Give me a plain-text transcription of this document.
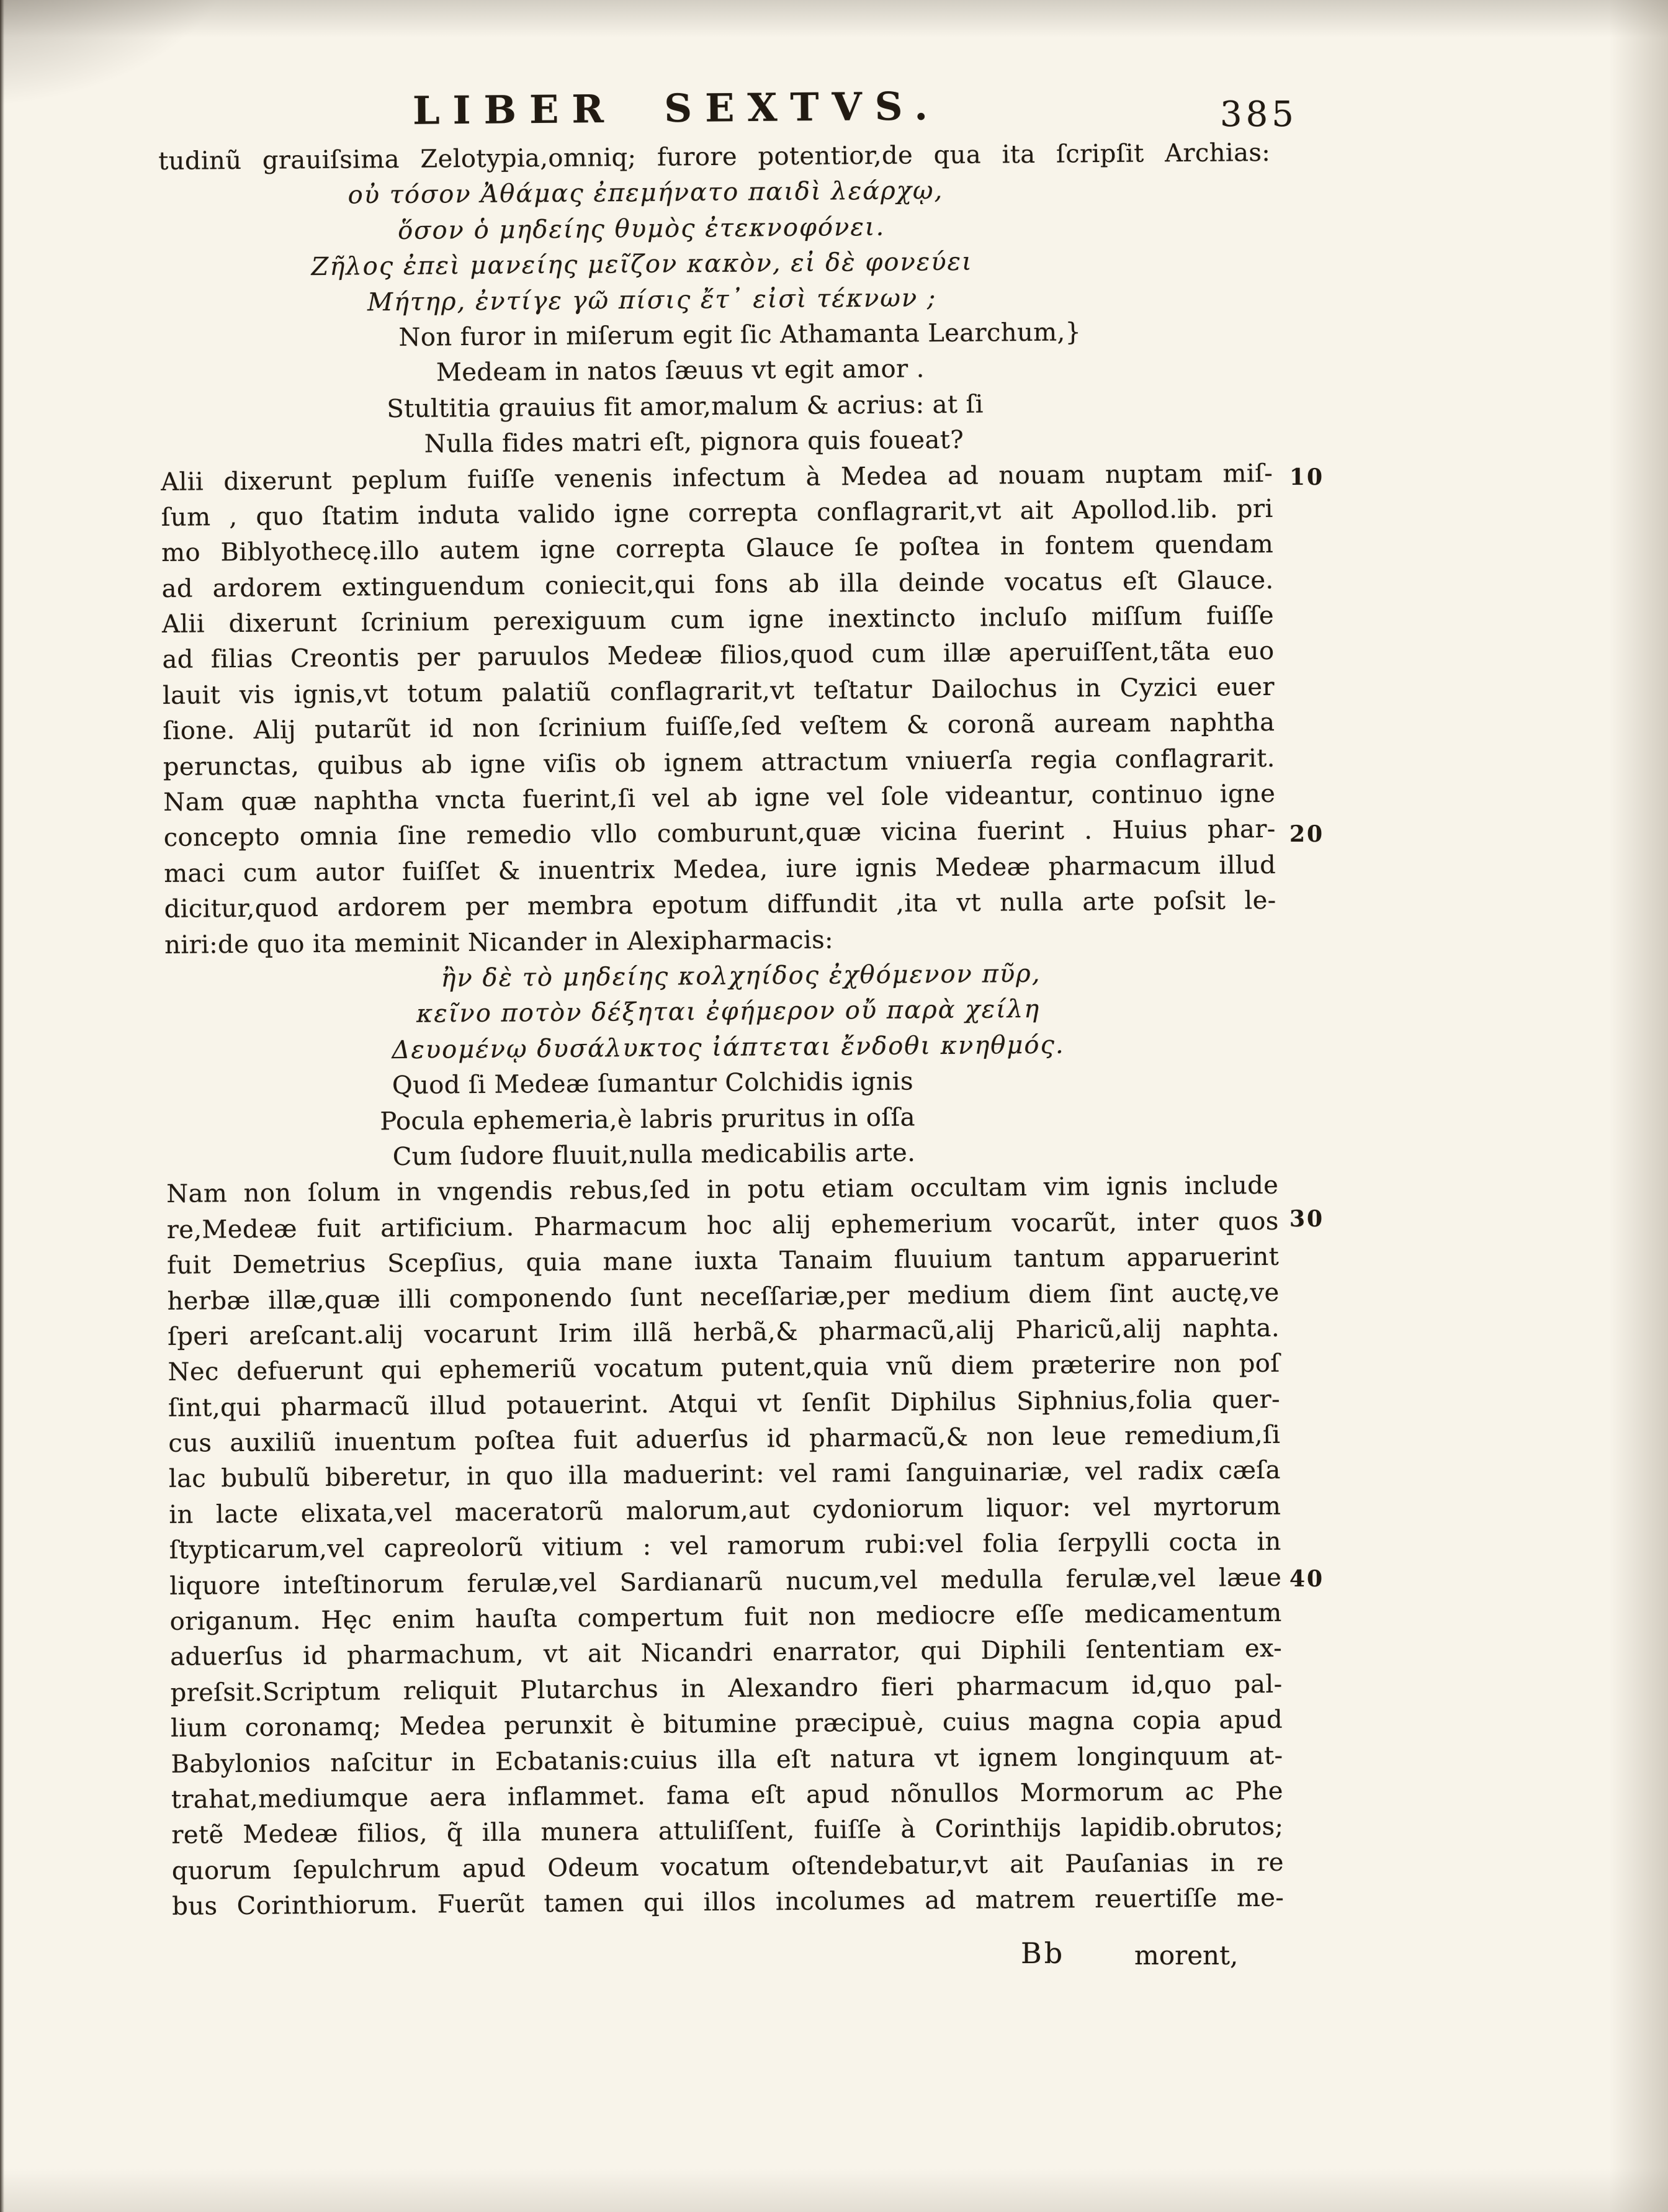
LIBER SEXTVS.	385
tudinũ grauiſsima Zelotypia,omniq; furore potentior,de qua ita ſcripſit Archias:
οὐ τόσον Ἀθάμας ἐπεμήνατο παιδὶ λεάρχῳ,
ὅσον ὁ μηδείης θυμὸς ἐτεκνοφόνει.
Ζῆλος ἐπεὶ μανείης μεῖζον κακὸν, εἰ δὲ φονεύει
Μήτηρ, ἐντίγε γῶ πίσις ἔτ᾽ εἰσὶ τέκνων ;
Non furor in miſerum egit ſic Athamanta Learchum,}
Medeam in natos ſæuus vt egit amor .
Stultitia grauius fit amor,malum & acrius: at ſi
Nulla fides matri eſt, pignora quis foueat?
Alii dixerunt peplum fuiſſe venenis infectum à Medea ad nouam nuptam miſ-
ſum , quo ſtatim induta valido igne correpta conflagrarit,vt ait Apollod.lib. pri
mo Biblyothecę.illo autem igne correpta Glauce ſe poſtea in fontem quendam
ad ardorem extinguendum coniecit,qui fons ab illa deinde vocatus eſt Glauce.
Alii dixerunt ſcrinium perexiguum cum igne inextincto incluſo miſſum fuiſſe
ad filias Creontis per paruulos Medeæ filios,quod cum illæ aperuiſſent,tãta euo
lauit vis ignis,vt totum palatiũ conflagrarit,vt teſtatur Dailochus in Cyzici euer
ſione. Alij putarũt id non ſcrinium fuiſſe,ſed veſtem & coronã auream naphtha
perunctas, quibus ab igne viſis ob ignem attractum vniuerſa regia conflagrarit.
Nam quæ naphtha vncta fuerint,ſi vel ab igne vel ſole videantur, continuo igne
concepto omnia ſine remedio vllo comburunt,quæ vicina fuerint . Huius phar-
maci cum autor fuiſſet & inuentrix Medea, iure ignis Medeæ pharmacum illud
dicitur,quod ardorem per membra epotum diffundit ,ita vt nulla arte poſsit le-
niri:de quo ita meminit Nicander in Alexipharmacis:
ἢν δὲ τὸ μηδείης κολχηίδος ἐχθόμενον πῦρ,
κεῖνο ποτὸν δέξηται ἐφήμερον οὔ παρὰ χείλη
Δευομένῳ δυσάλυκτος ἰάπτεται ἔνδοθι κνηθμός.
Quod ſi Medeæ ſumantur Colchidis ignis
Pocula ephemeria,è labris pruritus in oſſa
Cum ſudore fluuit,nulla medicabilis arte.
Nam non ſolum in vngendis rebus,ſed in potu etiam occultam vim ignis include
re,Medeæ fuit artificium. Pharmacum hoc alij ephemerium vocarũt, inter quos
fuit Demetrius Scepſius, quia mane iuxta Tanaim fluuium tantum apparuerint
herbæ illæ,quæ illi componendo ſunt neceſſariæ,per medium diem ſint auctę,ve
ſperi areſcant.alij vocarunt Irim illã herbã,& pharmacũ,alij Pharicũ,alij naphta.
Nec defuerunt qui ephemeriũ vocatum putent,quia vnũ diem præterire non poſ
ſint,qui pharmacũ illud potauerint. Atqui vt ſenſit Diphilus Siphnius,folia quer-
cus auxiliũ inuentum poſtea fuit aduerſus id pharmacũ,& non leue remedium,ſi
lac bubulũ biberetur, in quo illa maduerint: vel rami ſanguinariæ, vel radix cæſa
in lacte elixata,vel maceratorũ malorum,aut cydoniorum liquor: vel myrtorum
ſtypticarum,vel capreolorũ vitium : vel ramorum rubi:vel folia ſerpylli cocta in
liquore inteſtinorum ferulæ,vel Sardianarũ nucum,vel medulla ferulæ,vel læue
origanum. Hęc enim hauſta compertum fuit non mediocre eſſe medicamentum
aduerſus id pharmachum, vt ait Nicandri enarrator, qui Diphili ſententiam ex-
preſsit.Scriptum reliquit Plutarchus in Alexandro fieri pharmacum id,quo pal-
lium coronamq; Medea perunxit è bitumine præcipuè, cuius magna copia apud
Babylonios naſcitur in Ecbatanis:cuius illa eſt natura vt ignem longinquum at-
trahat,mediumque aera inflammet. fama eſt apud nõnullos Mormorum ac Phe
retẽ Medeæ filios, q̃ illa munera attuliſſent, fuiſſe à Corinthijs lapidib.obrutos;
quorum ſepulchrum apud Odeum vocatum oſtendebatur,vt ait Pauſanias in re
bus Corinthiorum. Fuerũt tamen qui illos incolumes ad matrem reuertiſſe me-
10
20
30
40
Bb	morent,
